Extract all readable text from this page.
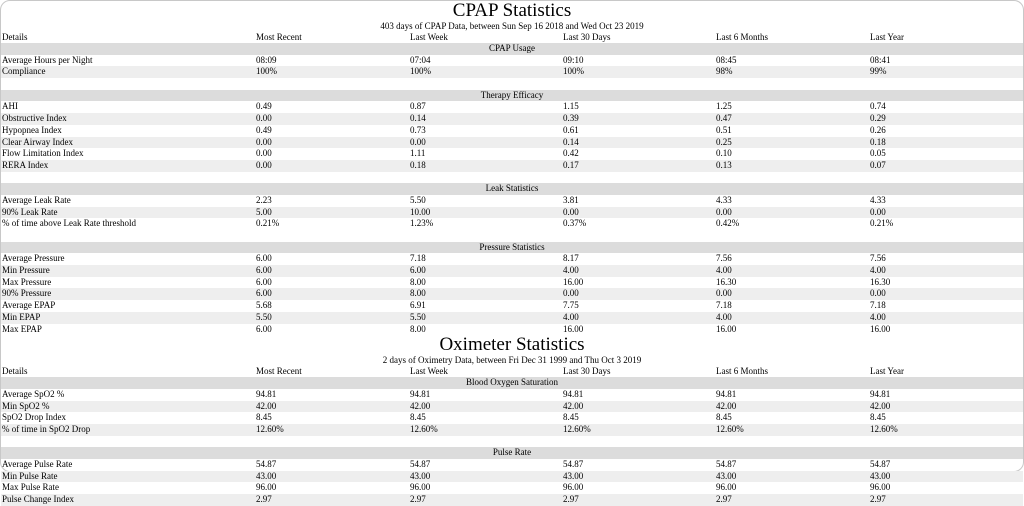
CPAP Statistics
403 days of CPAP Data, between Sun Sep 16 2018 and Wed Oct 23 2019
Details	Most Recent	Last Week	Last 30 Days	Last 6 Months	Last Year
CPAP Usage
Average Hours per Night	08:09	07:04	09:10	08:45	08:41
Compliance	100%	100%	100%	98%	99%
Therapy Efficacy
AHI	0.49	0.87	1.15	1.25	0.74
Obstructive Index	0.00	0.14	0.39	0.47	0.29
Hypopnea Index	0.49	0.73	0.61	0.51	0.26
Clear Airway Index	0.00	0.00	0.14	0.25	0.18
Flow Limitation Index	0.00	1.11	0.42	0.10	0.05
RERA Index	0.00	0.18	0.17	0.13	0.07
Leak Statistics
Average Leak Rate	2.23	5.50	3.81	4.33	4.33
90% Leak Rate	5.00	10.00	0.00	0.00	0.00
% of time above Leak Rate threshold	0.21%	1.23%	0.37%	0.42%	0.21%
Pressure Statistics
Average Pressure	6.00	7.18	8.17	7.56	7.56
Min Pressure	6.00	6.00	4.00	4.00	4.00
Max Pressure	6.00	8.00	16.00	16.30	16.30
90% Pressure	6.00	8.00	0.00	0.00	0.00
Average EPAP	5.68	6.91	7.75	7.18	7.18
Min EPAP	5.50	5.50	4.00	4.00	4.00
Max EPAP	6.00	8.00	16.00	16.00	16.00
Oximeter Statistics
2 days of Oximetry Data, between Fri Dec 31 1999 and Thu Oct 3 2019
Details	Most Recent	Last Week	Last 30 Days	Last 6 Months	Last Year
Blood Oxygen Saturation
Average SpO2 %	94.81	94.81	94.81	94.81	94.81
Min SpO2 %	42.00	42.00	42.00	42.00	42.00
SpO2 Drop Index	8.45	8.45	8.45	8.45	8.45
% of time in SpO2 Drop	12.60%	12.60%	12.60%	12.60%	12.60%
Pulse Rate
Average Pulse Rate	54.87	54.87	54.87	54.87	54.87
Min Pulse Rate	43.00	43.00	43.00	43.00	43.00
Max Pulse Rate	96.00	96.00	96.00	96.00	96.00
Pulse Change Index	2.97	2.97	2.97	2.97	2.97
